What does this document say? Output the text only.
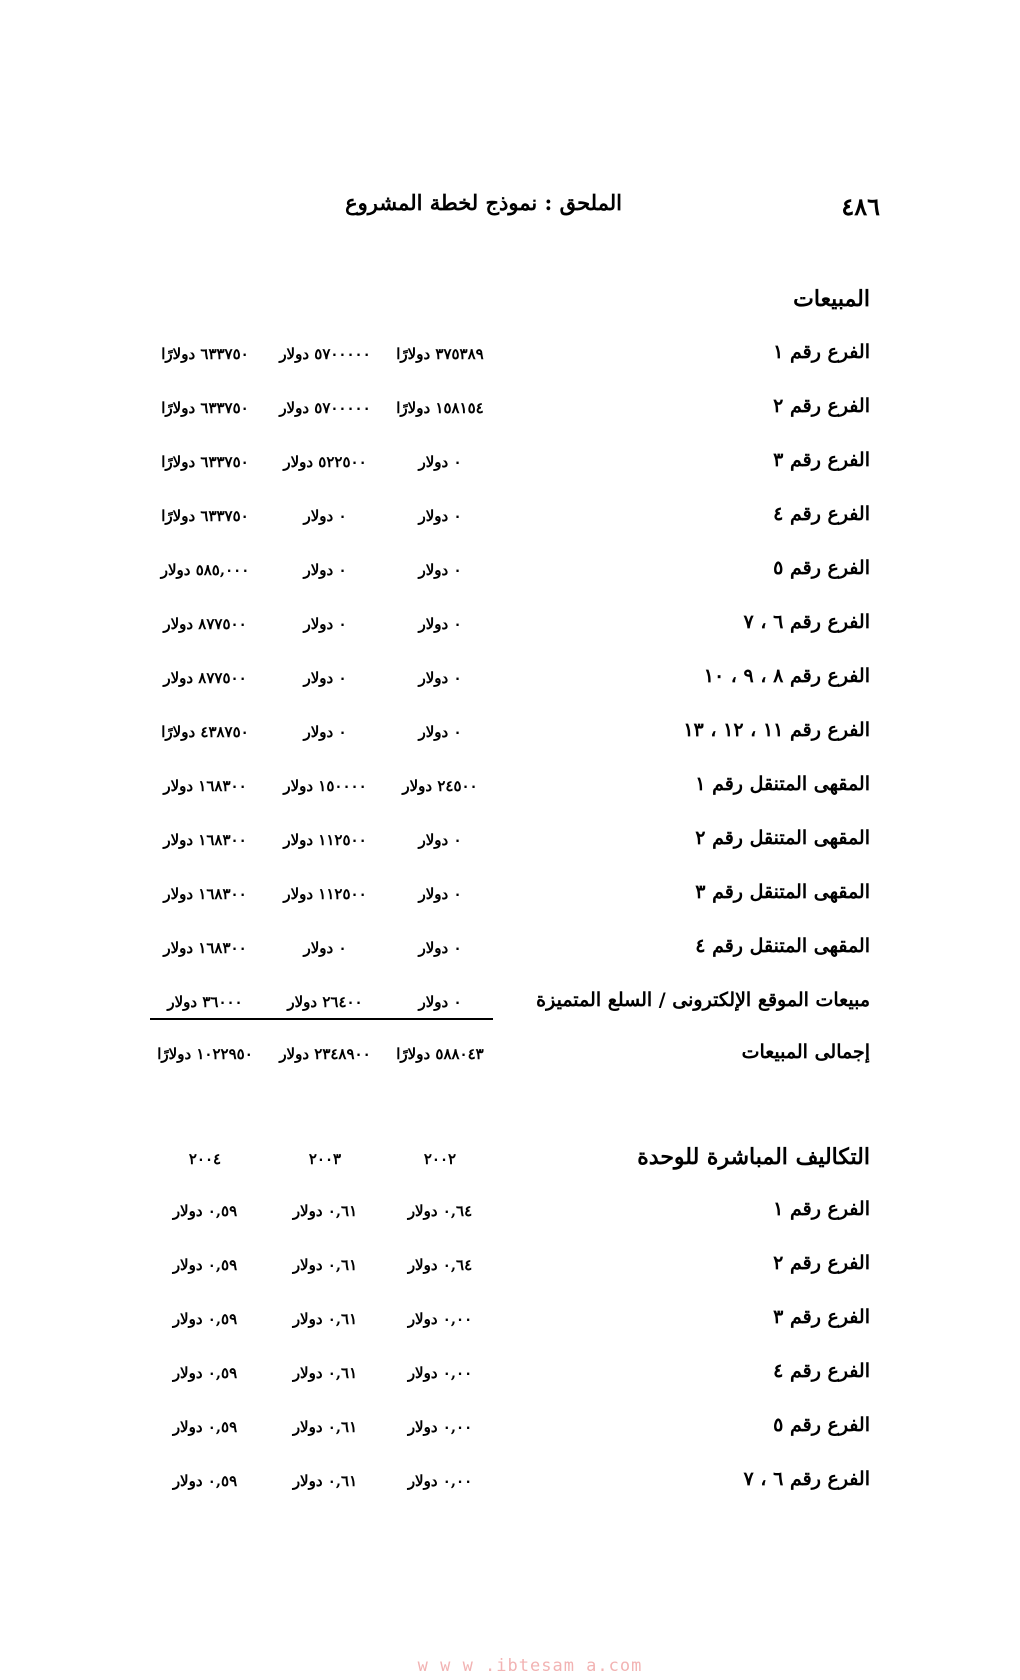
٤٨٦
الملحق : نموذج لخطة المشروع
المبيعات
الفرع رقم ١
٣٧٥٣٨٩ دولارًا
٥٧٠٠٠٠٠ دولار
٦٣٣٧٥٠ دولارًا
الفرع رقم ٢
١٥٨١٥٤ دولارًا
٥٧٠٠٠٠٠ دولار
٦٣٣٧٥٠ دولارًا
الفرع رقم ٣
٠ دولار
٥٢٢٥٠٠ دولار
٦٣٣٧٥٠ دولارًا
الفرع رقم ٤
٠ دولار
٠ دولار
٦٣٣٧٥٠ دولارًا
الفرع رقم ٥
٠ دولار
٠ دولار
٥٨٥,٠٠٠ دولار
الفرع رقم ٦ ، ٧
٠ دولار
٠ دولار
٨٧٧٥٠٠ دولار
الفرع رقم ٨ ، ٩ ، ١٠
٠ دولار
٠ دولار
٨٧٧٥٠٠ دولار
الفرع رقم ١١ ، ١٢ ، ١٣
٠ دولار
٠ دولار
٤٣٨٧٥٠ دولارًا
المقهى المتنقل رقم ١
٢٤٥٠٠ دولار
١٥٠٠٠٠ دولار
١٦٨٣٠٠ دولار
المقهى المتنقل رقم ٢
٠ دولار
١١٢٥٠٠ دولار
١٦٨٣٠٠ دولار
المقهى المتنقل رقم ٣
٠ دولار
١١٢٥٠٠ دولار
١٦٨٣٠٠ دولار
المقهى المتنقل رقم ٤
٠ دولار
٠ دولار
١٦٨٣٠٠ دولار
مبيعات الموقع الإلكترونى / السلع المتميزة
٠ دولار
٢٦٤٠٠ دولار
٣٦٠٠٠ دولار
إجمالى المبيعات
٥٨٨٠٤٣ دولارًا
٢٣٤٨٩٠٠ دولار
١٠٢٢٩٥٠ دولارًا
التكاليف المباشرة للوحدة
٢٠٠٢
٢٠٠٣
٢٠٠٤
الفرع رقم ١
٠,٦٤ دولار
٠,٦١ دولار
٠,٥٩ دولار
الفرع رقم ٢
٠,٦٤ دولار
٠,٦١ دولار
٠,٥٩ دولار
الفرع رقم ٣
٠,٠٠ دولار
٠,٦١ دولار
٠,٥٩ دولار
الفرع رقم ٤
٠,٠٠ دولار
٠,٦١ دولار
٠,٥٩ دولار
الفرع رقم ٥
٠,٠٠ دولار
٠,٦١ دولار
٠,٥٩ دولار
الفرع رقم ٦ ، ٧
٠,٠٠ دولار
٠,٦١ دولار
٠,٥٩ دولار
w w w .ibtesam a.com
